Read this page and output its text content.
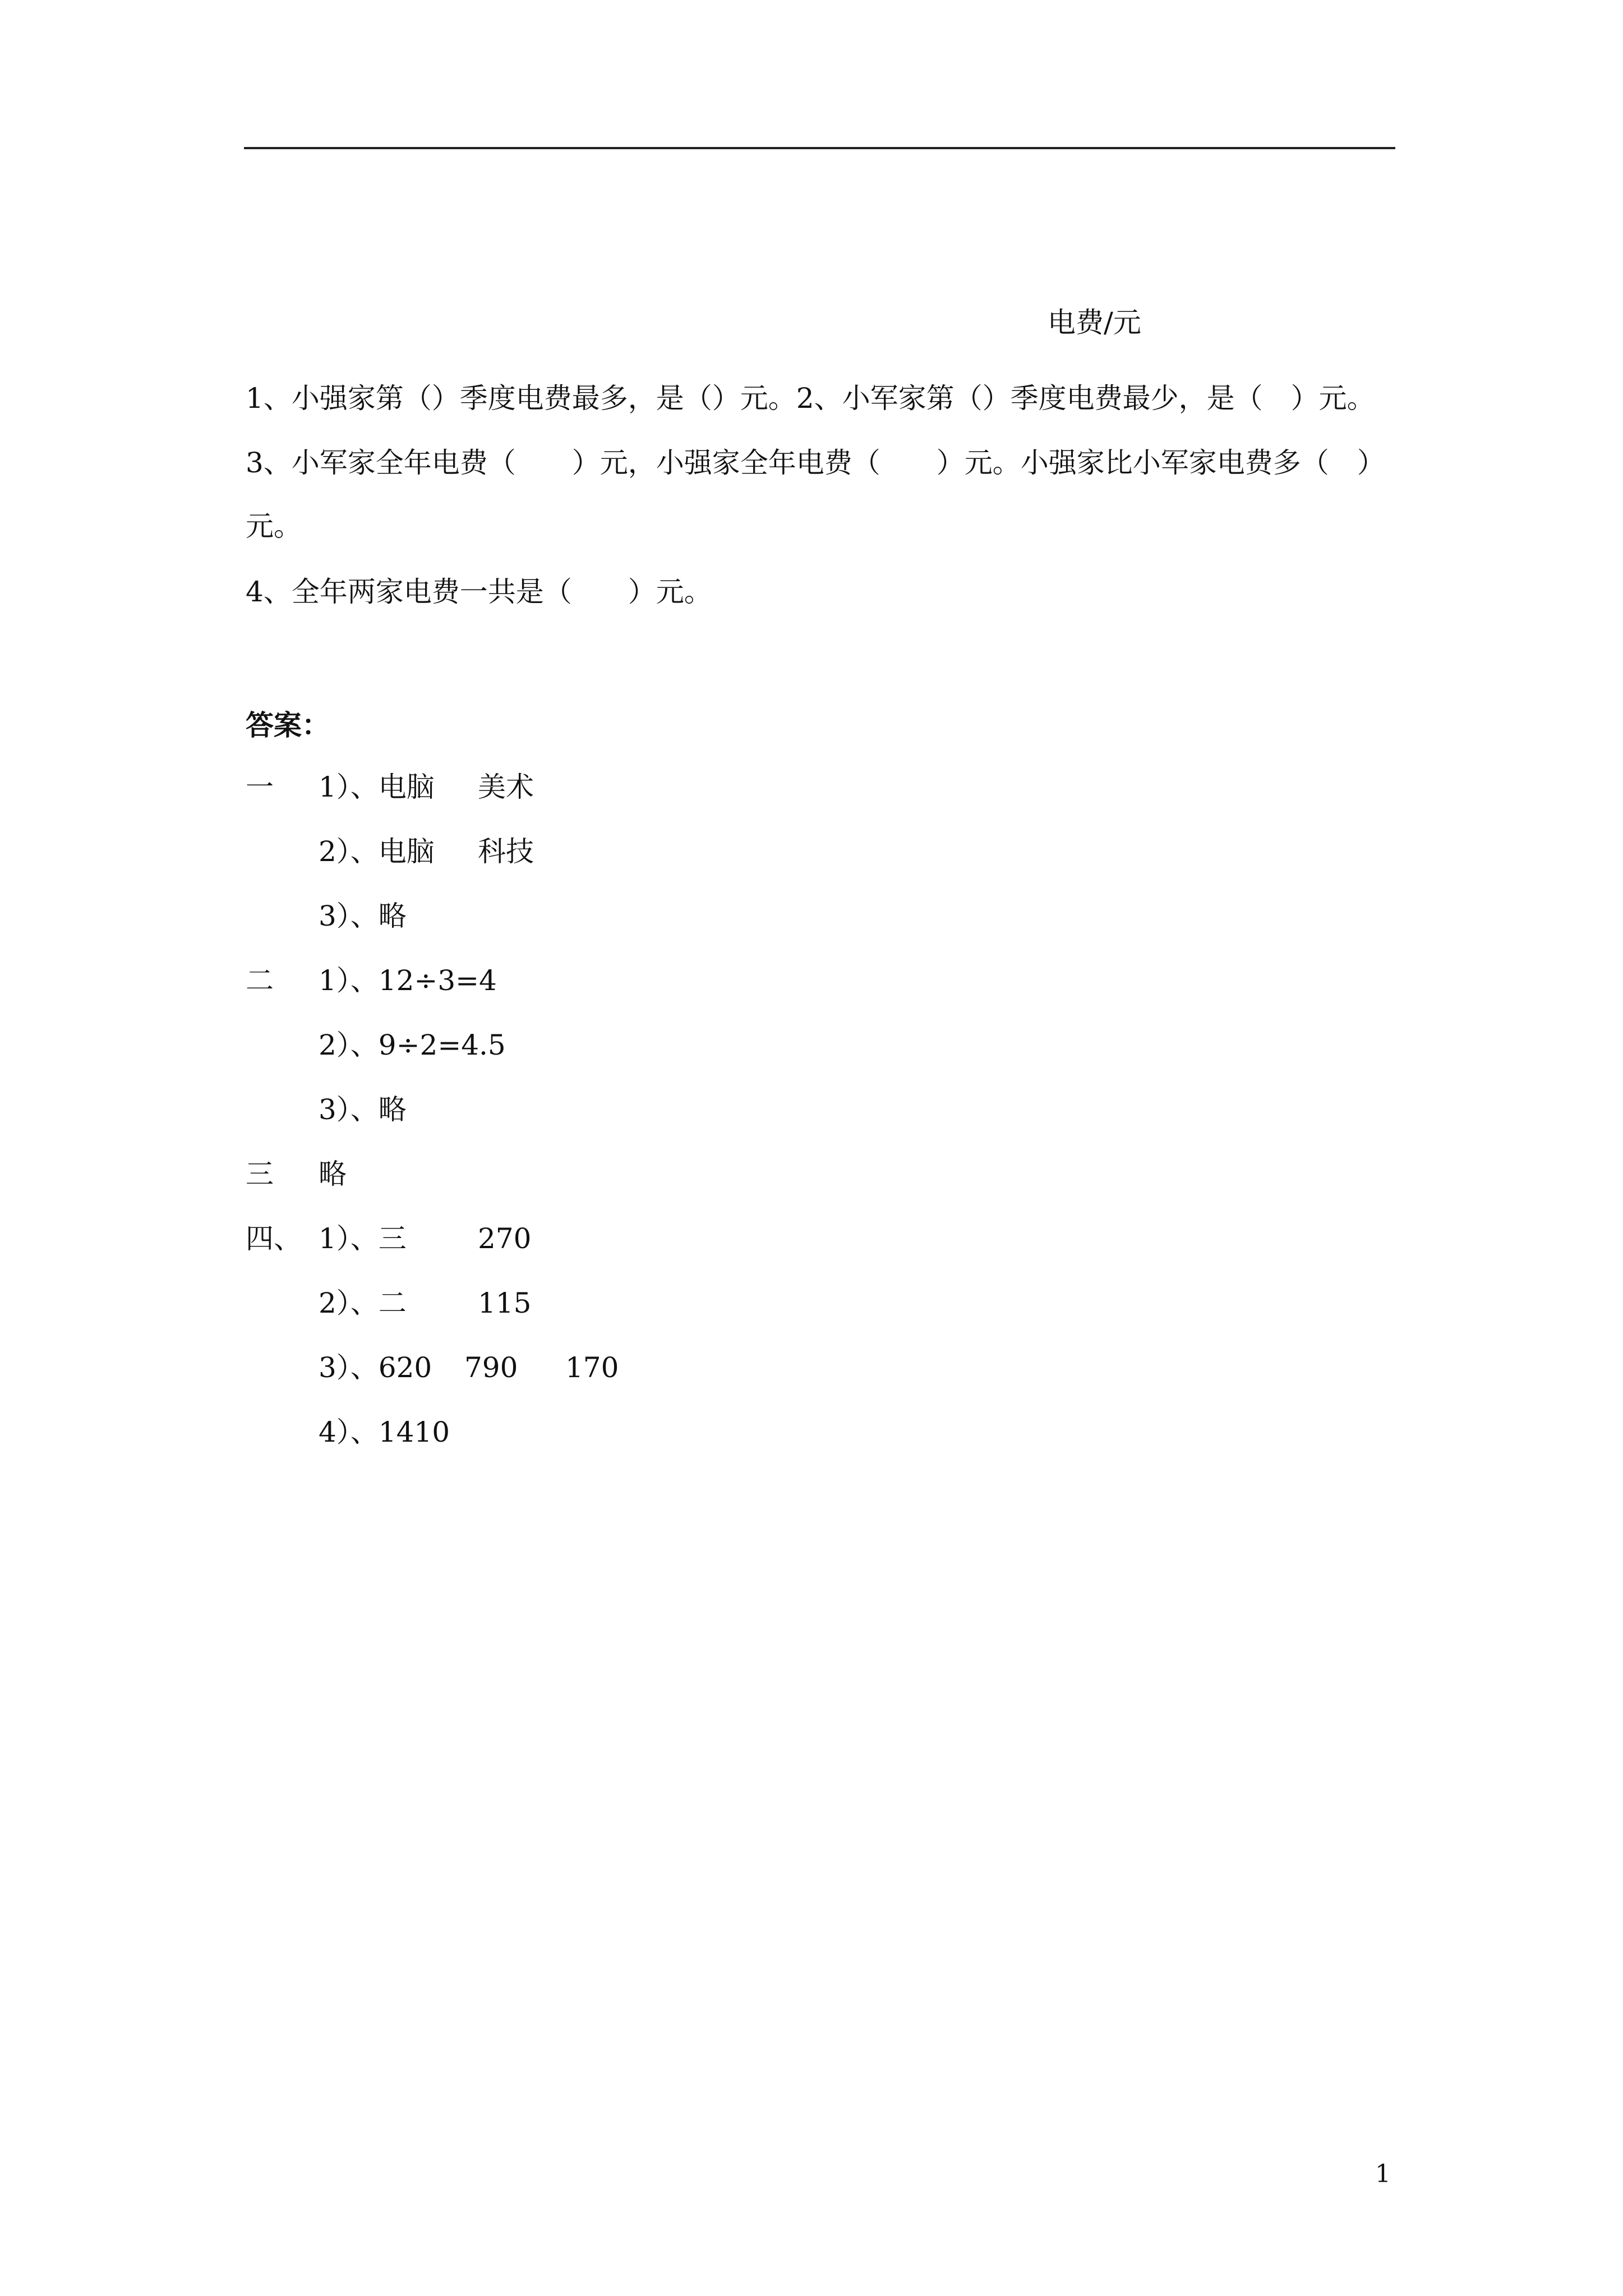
电费/元
1、小强家第（）季度电费最多，是（）元。2、小军家第（）季度电费最少，是（　）元。
3、小军家全年电费（　　）元，小强家全年电费（　　）元。小强家比小军家电费多（　）
元。
4、全年两家电费一共是（　　）元。
答案：
一 1）、电脑 美术
2）、电脑 科技
3）、略
二 1）、12÷3=4
2）、9÷2=4.5
3）、略
三 略
四、 1）、三	270
2）、二	115
3）、620 790 170
4）、1410
1
